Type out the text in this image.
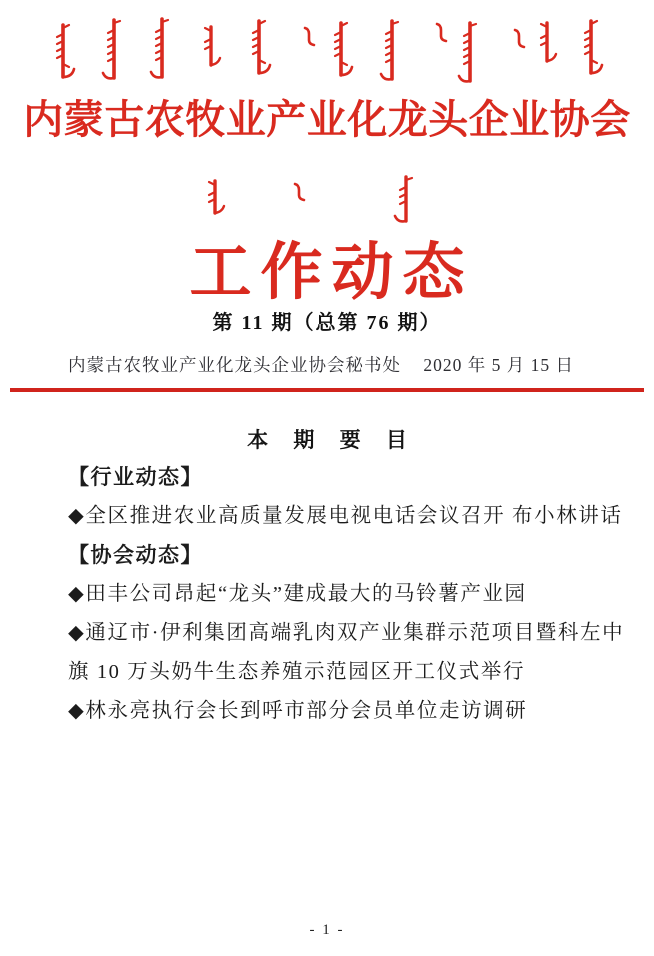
内蒙古农牧业产业化龙头企业协会
工作动态
第 11 期（总第 76 期）
内蒙古农牧业产业化龙头企业协会秘书处 2020 年 5 月 15 日
本 期 要 目
【行业动态】
◆全区推进农业高质量发展电视电话会议召开 布小林讲话
【协会动态】
◆田丰公司昂起“龙头”建成最大的马铃薯产业园
◆通辽市·伊利集团高端乳肉双产业集群示范项目暨科左中
旗 10 万头奶牛生态养殖示范园区开工仪式举行
◆林永亮执行会长到呼市部分会员单位走访调研
- 1 -
